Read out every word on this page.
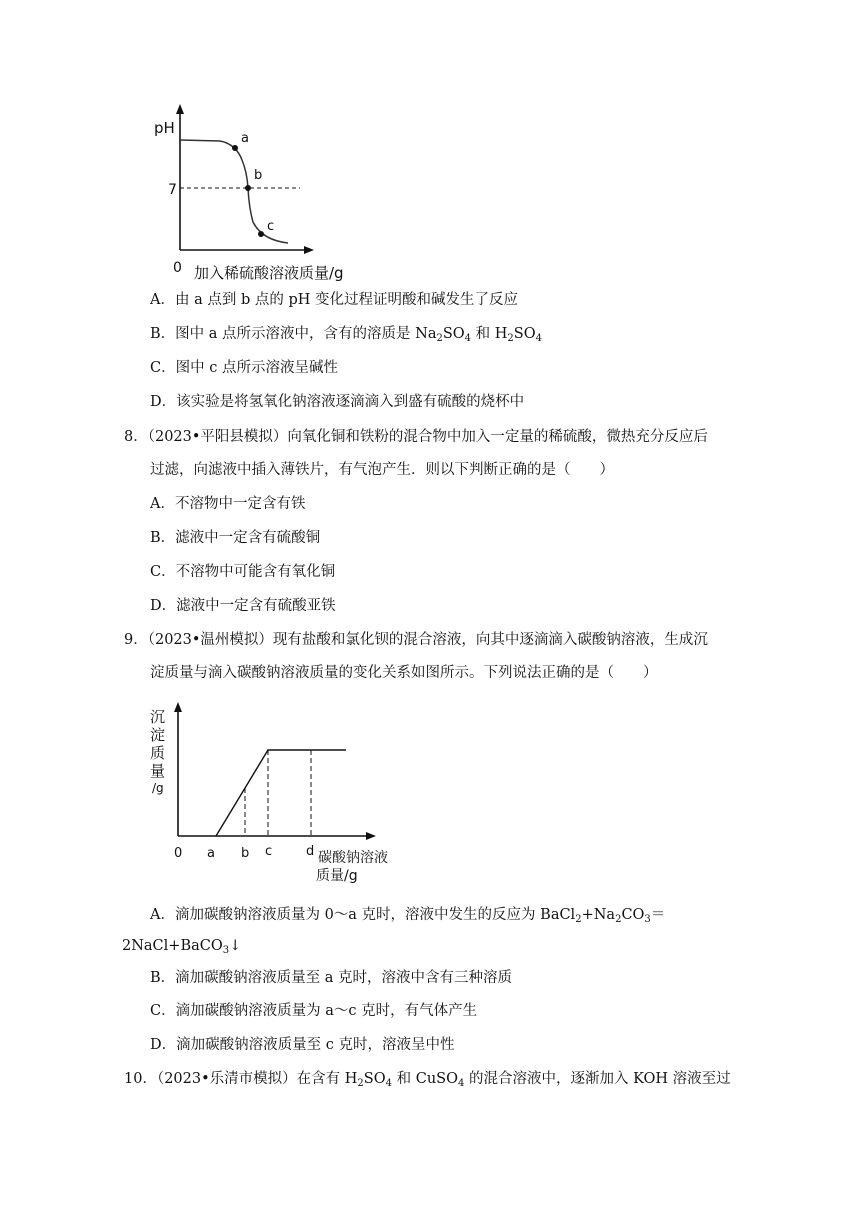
pH
7
a
b
c
0 加入稀硫酸溶液质量/g
A．由 a 点到 b 点的 pH 变化过程证明酸和碱发生了反应
B．图中 a 点所示溶液中，含有的溶质是 $Na_2SO_4$ 和 $H_2SO_4$
C．图中 c 点所示溶液呈碱性
D．该实验是将氢氧化钠溶液逐滴滴入到盛有硫酸的烧杯中
8．（2023•平阳县模拟）向氧化铜和铁粉的混合物中加入一定量的稀硫酸，微热充分反应后
过滤，向滤液中插入薄铁片，有气泡产生．则以下判断正确的是（　　）
A．不溶物中一定含有铁
B．滤液中一定含有硫酸铜
C．不溶物中可能含有氧化铜
D．滤液中一定含有硫酸亚铁
9．（2023•温州模拟）现有盐酸和氯化钡的混合溶液，向其中逐滴滴入碳酸钠溶液，生成沉
淀质量与滴入碳酸钠溶液质量的变化关系如图所示。下列说法正确的是（　　）
沉
淀
质
量
/g
0 a b c	d 碳酸钠溶液
质量/g
A．滴加碳酸钠溶液质量为 0～a 克时，溶液中发生的反应为 $BaCl_2+Na_2CO_3=$
2NaCl+BaCO$_3$↓
B．滴加碳酸钠溶液质量至 a 克时，溶液中含有三种溶质
C．滴加碳酸钠溶液质量为 a～c 克时，有气体产生
D．滴加碳酸钠溶液质量至 c 克时，溶液呈中性
10．（2023•乐清市模拟）在含有 $H_2SO_4$ 和 CuSO$_4$ 的混合溶液中，逐渐加入 KOH 溶液至过
